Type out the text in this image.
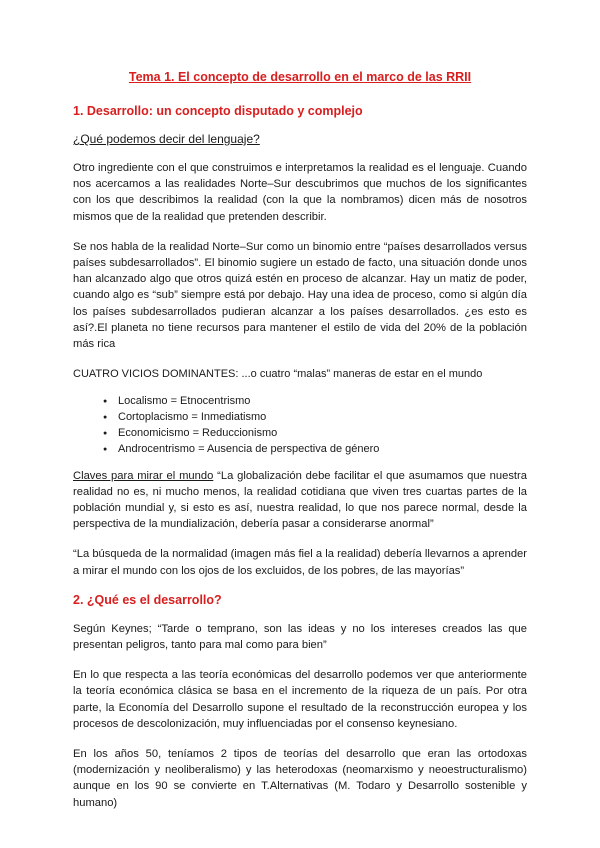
Tema 1. El concepto de desarrollo en el marco de las RRII
1. Desarrollo: un concepto disputado y complejo
¿Qué podemos decir del lenguaje?

Otro ingrediente con el que construimos e interpretamos la realidad es el lenguaje. Cuando nos acercamos a las realidades Norte–Sur descubrimos que muchos de los significantes con los que describimos la realidad (con la que la nombramos) dicen más de nosotros mismos que de la realidad que pretenden describir.

Se nos habla de la realidad Norte–Sur como un binomio entre “países desarrollados versus países subdesarrollados”. El binomio sugiere un estado de facto, una situación donde unos han alcanzado algo que otros quizá estén en proceso de alcanzar. Hay un matiz de poder, cuando algo es “sub” siempre está por debajo. Hay una idea de proceso, como si algún día los países subdesarrollados pudieran alcanzar a los países desarrollados. ¿es esto es así?.El planeta no tiene recursos para mantener el estilo de vida del 20% de la población más rica

CUATRO VICIOS DOMINANTES: ...o cuatro “malas” maneras de estar en el mundo

● Localismo = Etnocentrismo
● Cortoplacismo = Inmediatismo
● Economicismo = Reduccionismo
● Androcentrismo = Ausencia de perspectiva de género

Claves para mirar el mundo “La globalización debe facilitar el que asumamos que nuestra realidad no es, ni mucho menos, la realidad cotidiana que viven tres cuartas partes de la población mundial y, si esto es así, nuestra realidad, lo que nos parece normal, desde la perspectiva de la mundialización, debería pasar a considerarse anormal”

“La búsqueda de la normalidad (imagen más fiel a la realidad) debería llevarnos a aprender a mirar el mundo con los ojos de los excluidos, de los pobres, de las mayorías”

2. ¿Qué es el desarrollo?

Según Keynes; “Tarde o temprano, son las ideas y no los intereses creados las que presentan peligros, tanto para mal como para bien”

En lo que respecta a las teoría económicas del desarrollo podemos ver que anteriormente la teoría económica clásica se basa en el incremento de la riqueza de un país. Por otra parte, la Economía del Desarrollo supone el resultado de la reconstrucción europea y los procesos de descolonización, muy influenciadas por el consenso keynesiano.

En los años 50, teníamos 2 tipos de teorías del desarrollo que eran las ortodoxas (modernización y neoliberalismo) y las heterodoxas (neomarxismo y neoestructuralismo) aunque en los 90 se convierte en T.Alternativas (M. Todaro y Desarrollo sostenible y humano)
